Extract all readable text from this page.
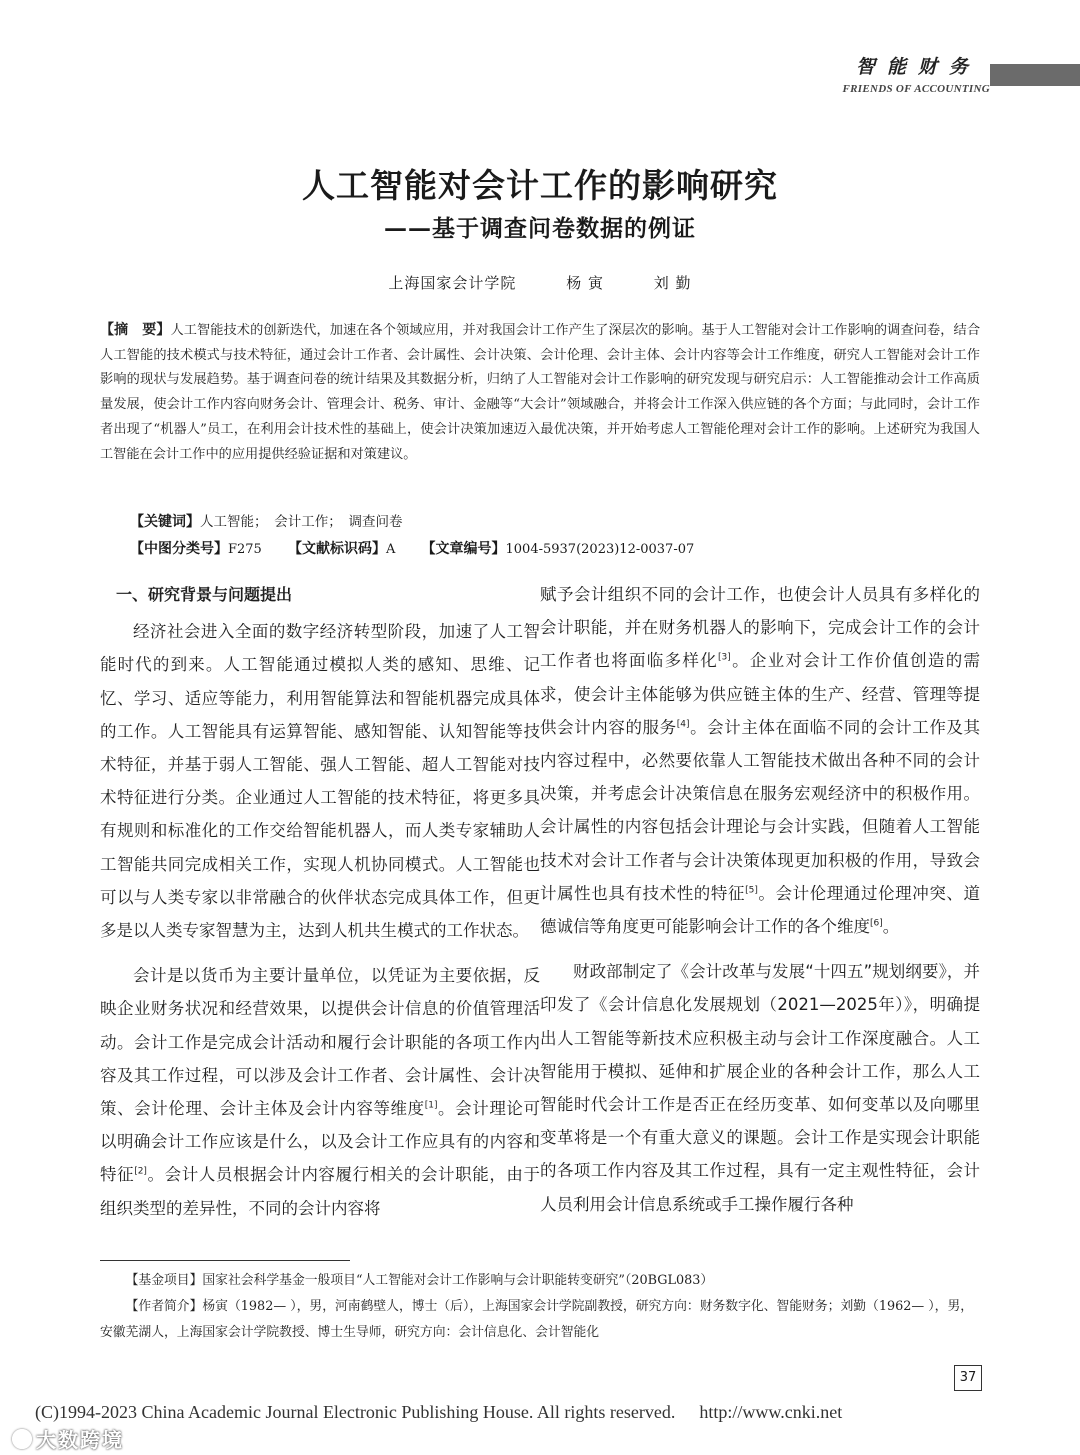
智能财务
FRIENDS OF ACCOUNTING
人工智能对会计工作的影响研究
——基于调查问卷数据的例证
上海国家会计学院	杨 寅	刘 勤
【摘　要】人工智能技术的创新迭代，加速在各个领域应用，并对我国会计工作产生了深层次的影响。基于人工智能对会计工作影响的调查问卷，结合人工智能的技术模式与技术特征，通过会计工作者、会计属性、会计决策、会计伦理、会计主体、会计内容等会计工作维度，研究人工智能对会计工作影响的现状与发展趋势。基于调查问卷的统计结果及其数据分析，归纳了人工智能对会计工作影响的研究发现与研究启示：人工智能推动会计工作高质量发展，使会计工作内容向财务会计、管理会计、税务、审计、金融等“大会计”领域融合，并将会计工作深入供应链的各个方面；与此同时，会计工作者出现了“机器人”员工，在利用会计技术性的基础上，使会计决策加速迈入最优决策，并开始考虑人工智能伦理对会计工作的影响。上述研究为我国人工智能在会计工作中的应用提供经验证据和对策建议。
【关键词】人工智能；　会计工作；　调查问卷
【中图分类号】F275 【文献标识码】A 【文章编号】1004-5937(2023)12-0037-07
一、研究背景与问题提出

经济社会进入全面的数字经济转型阶段，加速了人工智能时代的到来。人工智能通过模拟人类的感知、思维、记忆、学习、适应等能力，利用智能算法和智能机器完成具体的工作。人工智能具有运算智能、感知智能、认知智能等技术特征，并基于弱人工智能、强人工智能、超人工智能对技术特征进行分类。企业通过人工智能的技术特征，将更多具有规则和标准化的工作交给智能机器人，而人类专家辅助人工智能共同完成相关工作，实现人机协同模式。人工智能也可以与人类专家以非常融合的伙伴状态完成具体工作，但更多是以人类专家智慧为主，达到人机共生模式的工作状态。

会计是以货币为主要计量单位，以凭证为主要依据，反映企业财务状况和经营效果，以提供会计信息的价值管理活动。会计工作是完成会计活动和履行会计职能的各项工作内容及其工作过程，可以涉及会计工作者、会计属性、会计决策、会计伦理、会计主体及会计内容等维度[1]。会计理论可以明确会计工作应该是什么，以及会计工作应具有的内容和特征[2]。会计人员根据会计内容履行相关的会计职能，由于组织类型的差异性，不同的会计内容将

赋予会计组织不同的会计工作，也使会计人员具有多样化的会计职能，并在财务机器人的影响下，完成会计工作的会计工作者也将面临多样化[3]。企业对会计工作价值创造的需求，使会计主体能够为供应链主体的生产、经营、管理等提供会计内容的服务[4]。会计主体在面临不同的会计工作及其内容过程中，必然要依靠人工智能技术做出各种不同的会计决策，并考虑会计决策信息在服务宏观经济中的积极作用。会计属性的内容包括会计理论与会计实践，但随着人工智能技术对会计工作者与会计决策体现更加积极的作用，导致会计属性也具有技术性的特征[5]。会计伦理通过伦理冲突、道德诚信等角度更可能影响会计工作的各个维度[6]。

财政部制定了《会计改革与发展“十四五”规划纲要》，并印发了《会计信息化发展规划（2021—2025年）》，明确提出人工智能等新技术应积极主动与会计工作深度融合。人工智能用于模拟、延伸和扩展企业的各种会计工作，那么人工智能时代会计工作是否正在经历变革、如何变革以及向哪里变革将是一个有重大意义的课题。会计工作是实现会计职能的各项工作内容及其工作过程，具有一定主观性特征，会计人员利用会计信息系统或手工操作履行各种

【基金项目】国家社会科学基金一般项目“人工智能对会计工作影响与会计职能转变研究”（20BGL083）

【作者简介】杨寅（1982— ），男，河南鹤壁人，博士（后），上海国家会计学院副教授，研究方向：财务数字化、智能财务；刘勤（1962— ），男，安徽芜湖人，上海国家会计学院教授、博士生导师，研究方向：会计信息化、会计智能化

37
(C)1994-2023 China Academic Journal Electronic Publishing House. All rights reserved. http://www.cnki.net
大数跨境
